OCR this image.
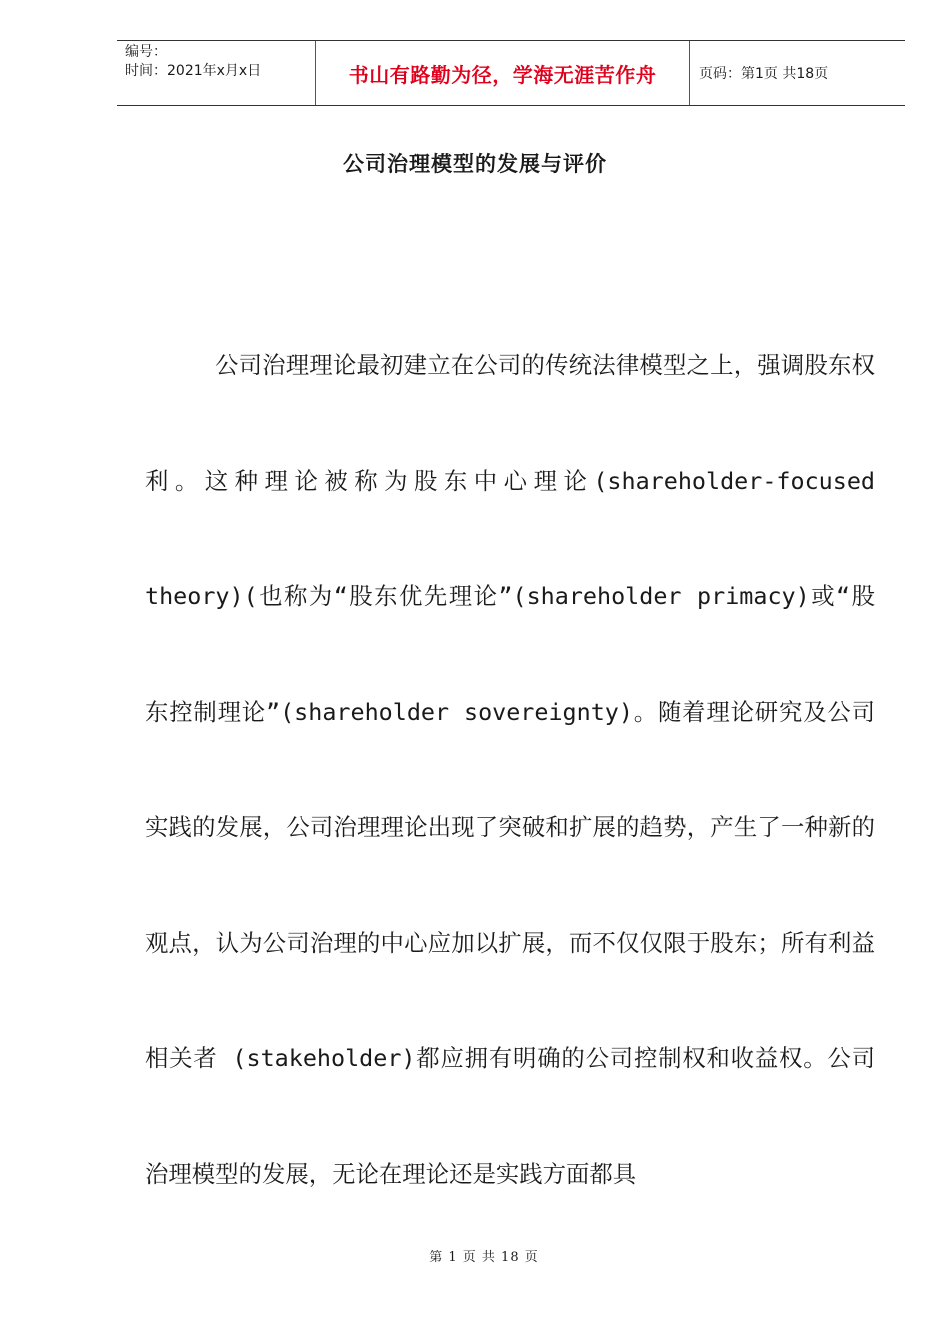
编号：
时间：2021年x月x日	书山有路勤为径，学海无涯苦作舟	页码：第1页 共18页
公司治理模型的发展与评价

公司治理理论最初建立在公司的传统法律模型之上，强调股东权利。这种理论被称为股东中心理论(shareholder-focused theory)(也称为“股东优先理论”(shareholder primacy)或“股东控制理论”(shareholder sovereignty)。随着理论研究及公司实践的发展，公司治理理论出现了突破和扩展的趋势，产生了一种新的观点，认为公司治理的中心应加以扩展，而不仅仅限于股东；所有利益相关者 (stakeholder)都应拥有明确的公司控制权和收益权。公司治理模型的发展，无论在理论还是实践方面都具

第 1 页 共 18 页
